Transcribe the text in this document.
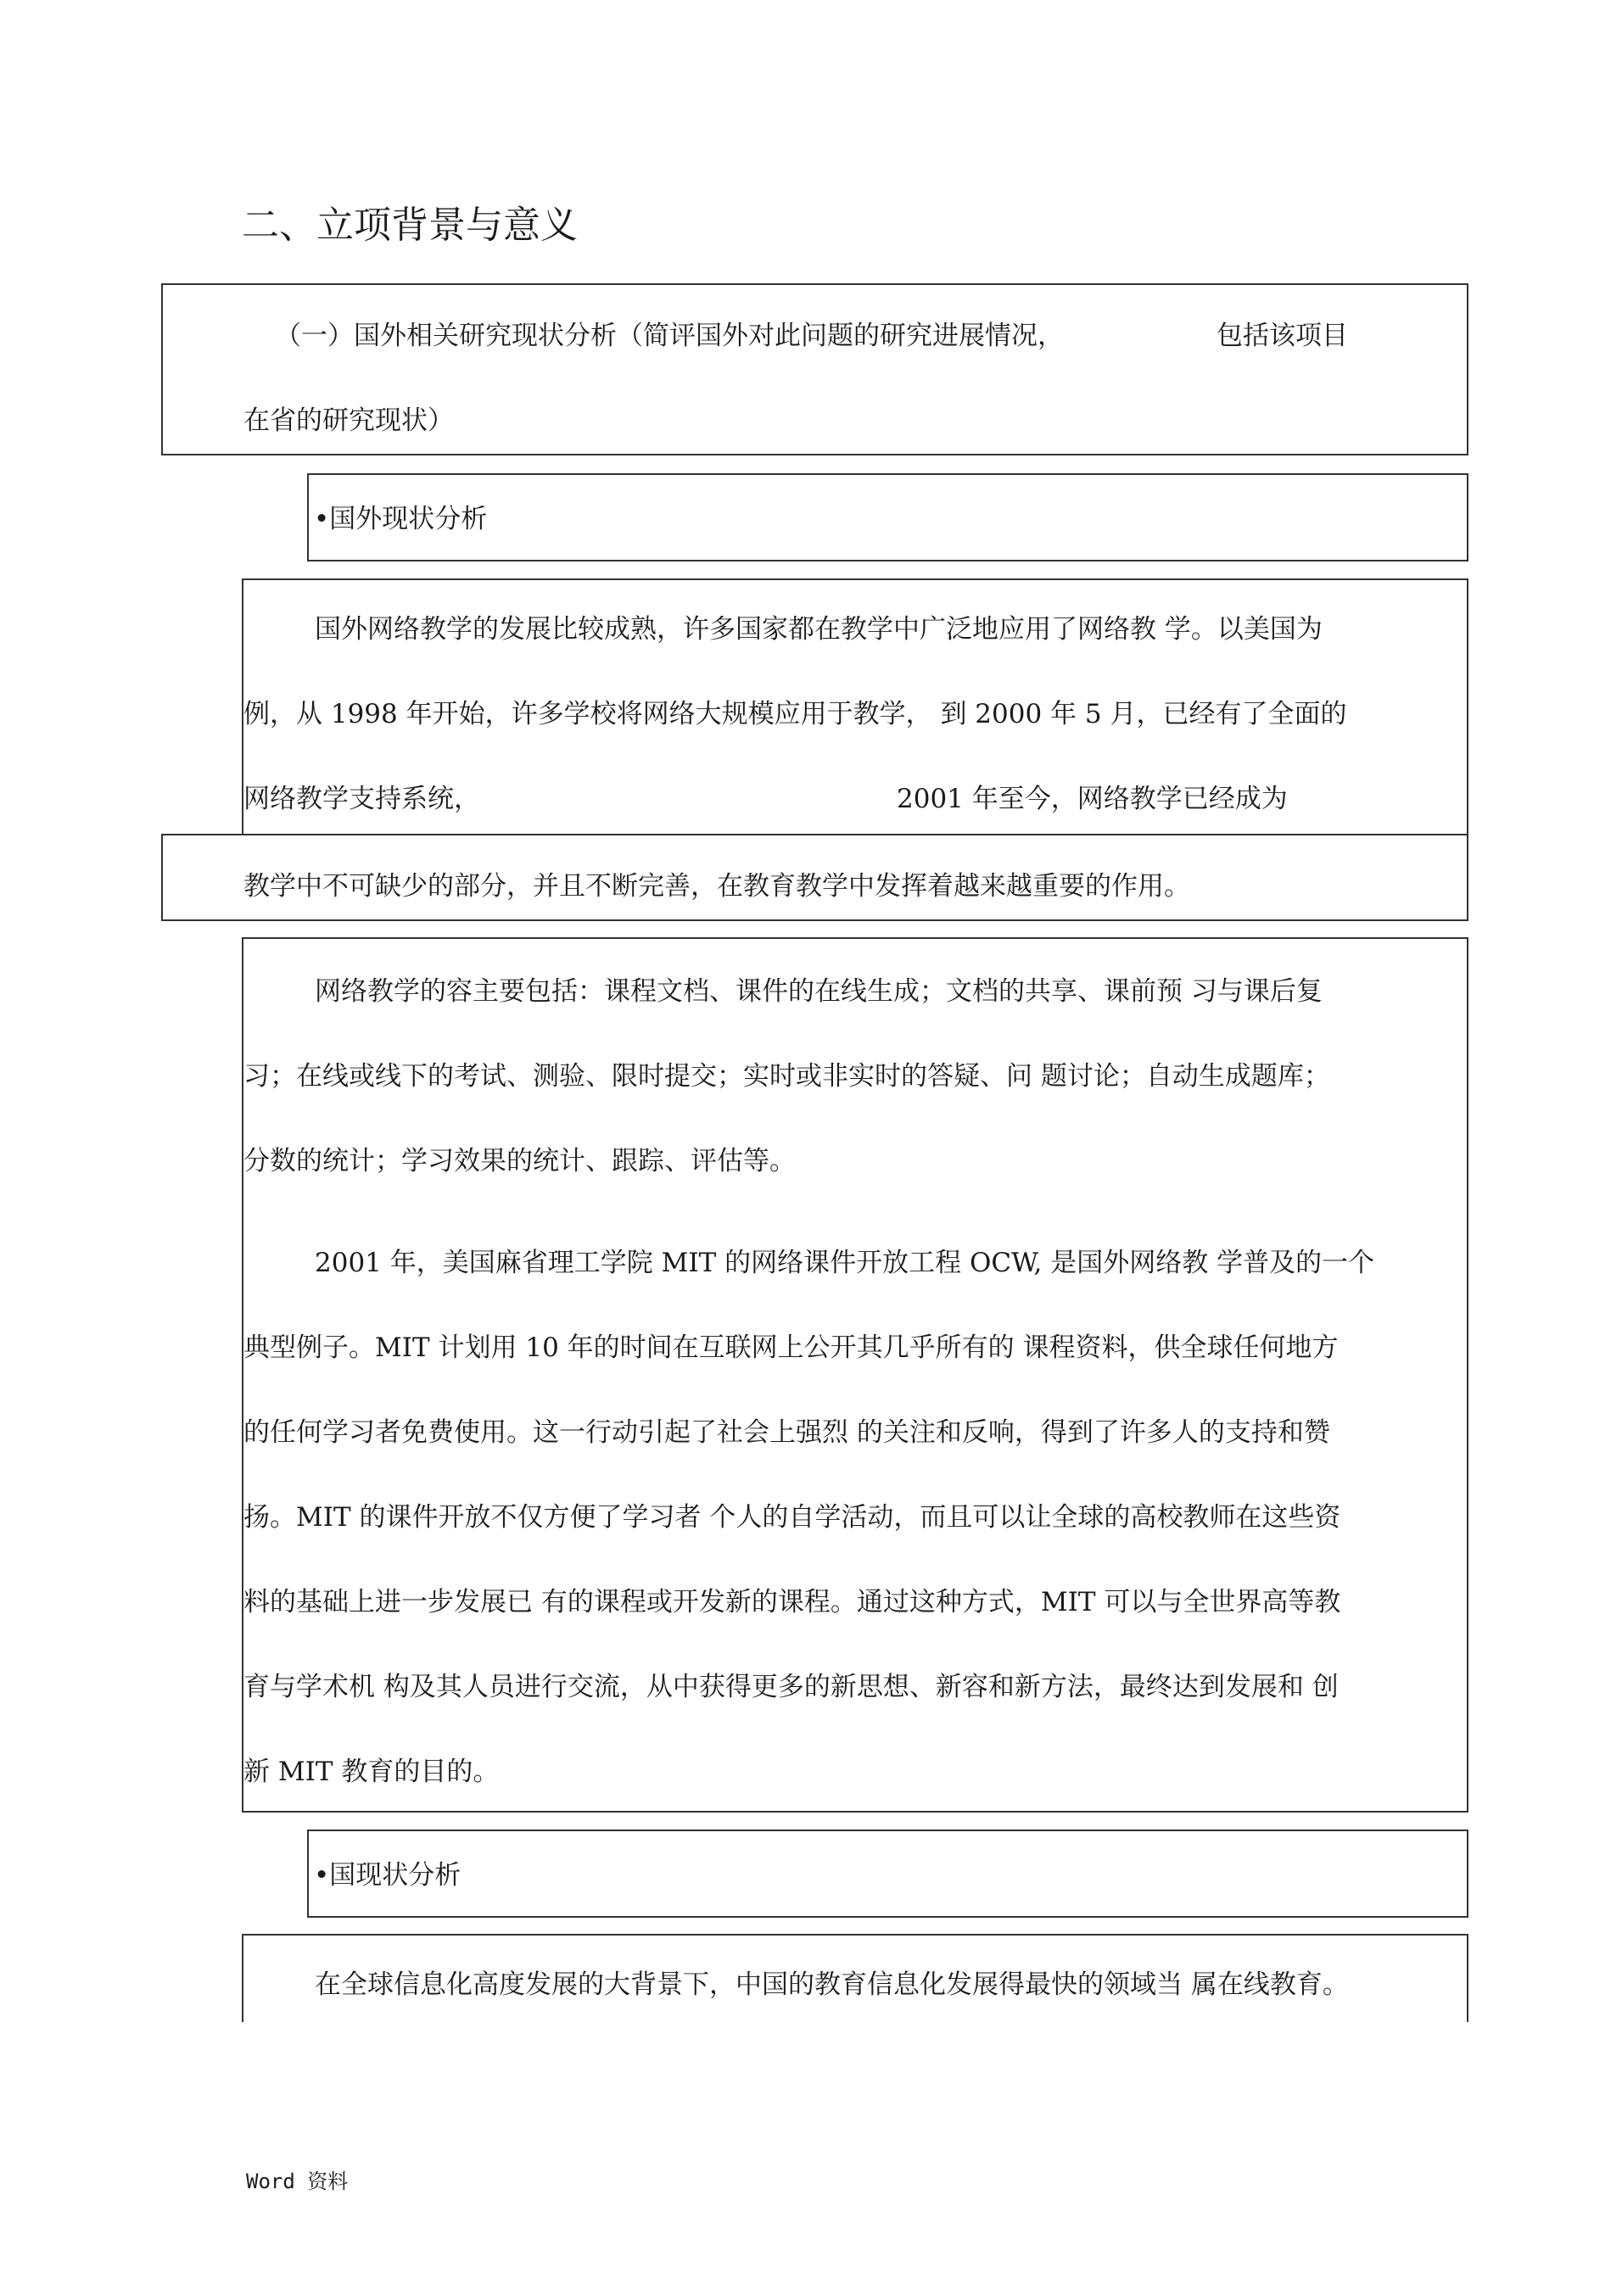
二、立项背景与意义
（一）国外相关研究现状分析（简评国外对此问题的研究进展情况，	包括该项目
在省的研究现状）
•国外现状分析
国外网络教学的发展比较成熟，许多国家都在教学中广泛地应用了网络教 学。以美国为
例，从 1998 年开始，许多学校将网络大规模应用于教学， 到 2000 年 5 月，已经有了全面的
网络教学支持系统，	2001 年至今，网络教学已经成为
教学中不可缺少的部分，并且不断完善，在教育教学中发挥着越来越重要的作用。
网络教学的容主要包括：课程文档、课件的在线生成；文档的共享、课前预 习与课后复
习；在线或线下的考试、测验、限时提交；实时或非实时的答疑、问 题讨论；自动生成题库；
分数的统计；学习效果的统计、跟踪、评估等。
2001 年，美国麻省理工学院 MIT 的网络课件开放工程 OCW, 是国外网络教 学普及的一个
典型例子。MIT 计划用 10 年的时间在互联网上公开其几乎所有的 课程资料，供全球任何地方
的任何学习者免费使用。这一行动引起了社会上强烈 的关注和反响，得到了许多人的支持和赞
扬。MIT 的课件开放不仅方便了学习者 个人的自学活动，而且可以让全球的高校教师在这些资
料的基础上进一步发展已 有的课程或开发新的课程。通过这种方式，MIT 可以与全世界高等教
育与学术机 构及其人员进行交流，从中获得更多的新思想、新容和新方法，最终达到发展和 创
新 MIT 教育的目的。
•国现状分析
在全球信息化高度发展的大背景下，中国的教育信息化发展得最快的领域当 属在线教育。
Word 资料
